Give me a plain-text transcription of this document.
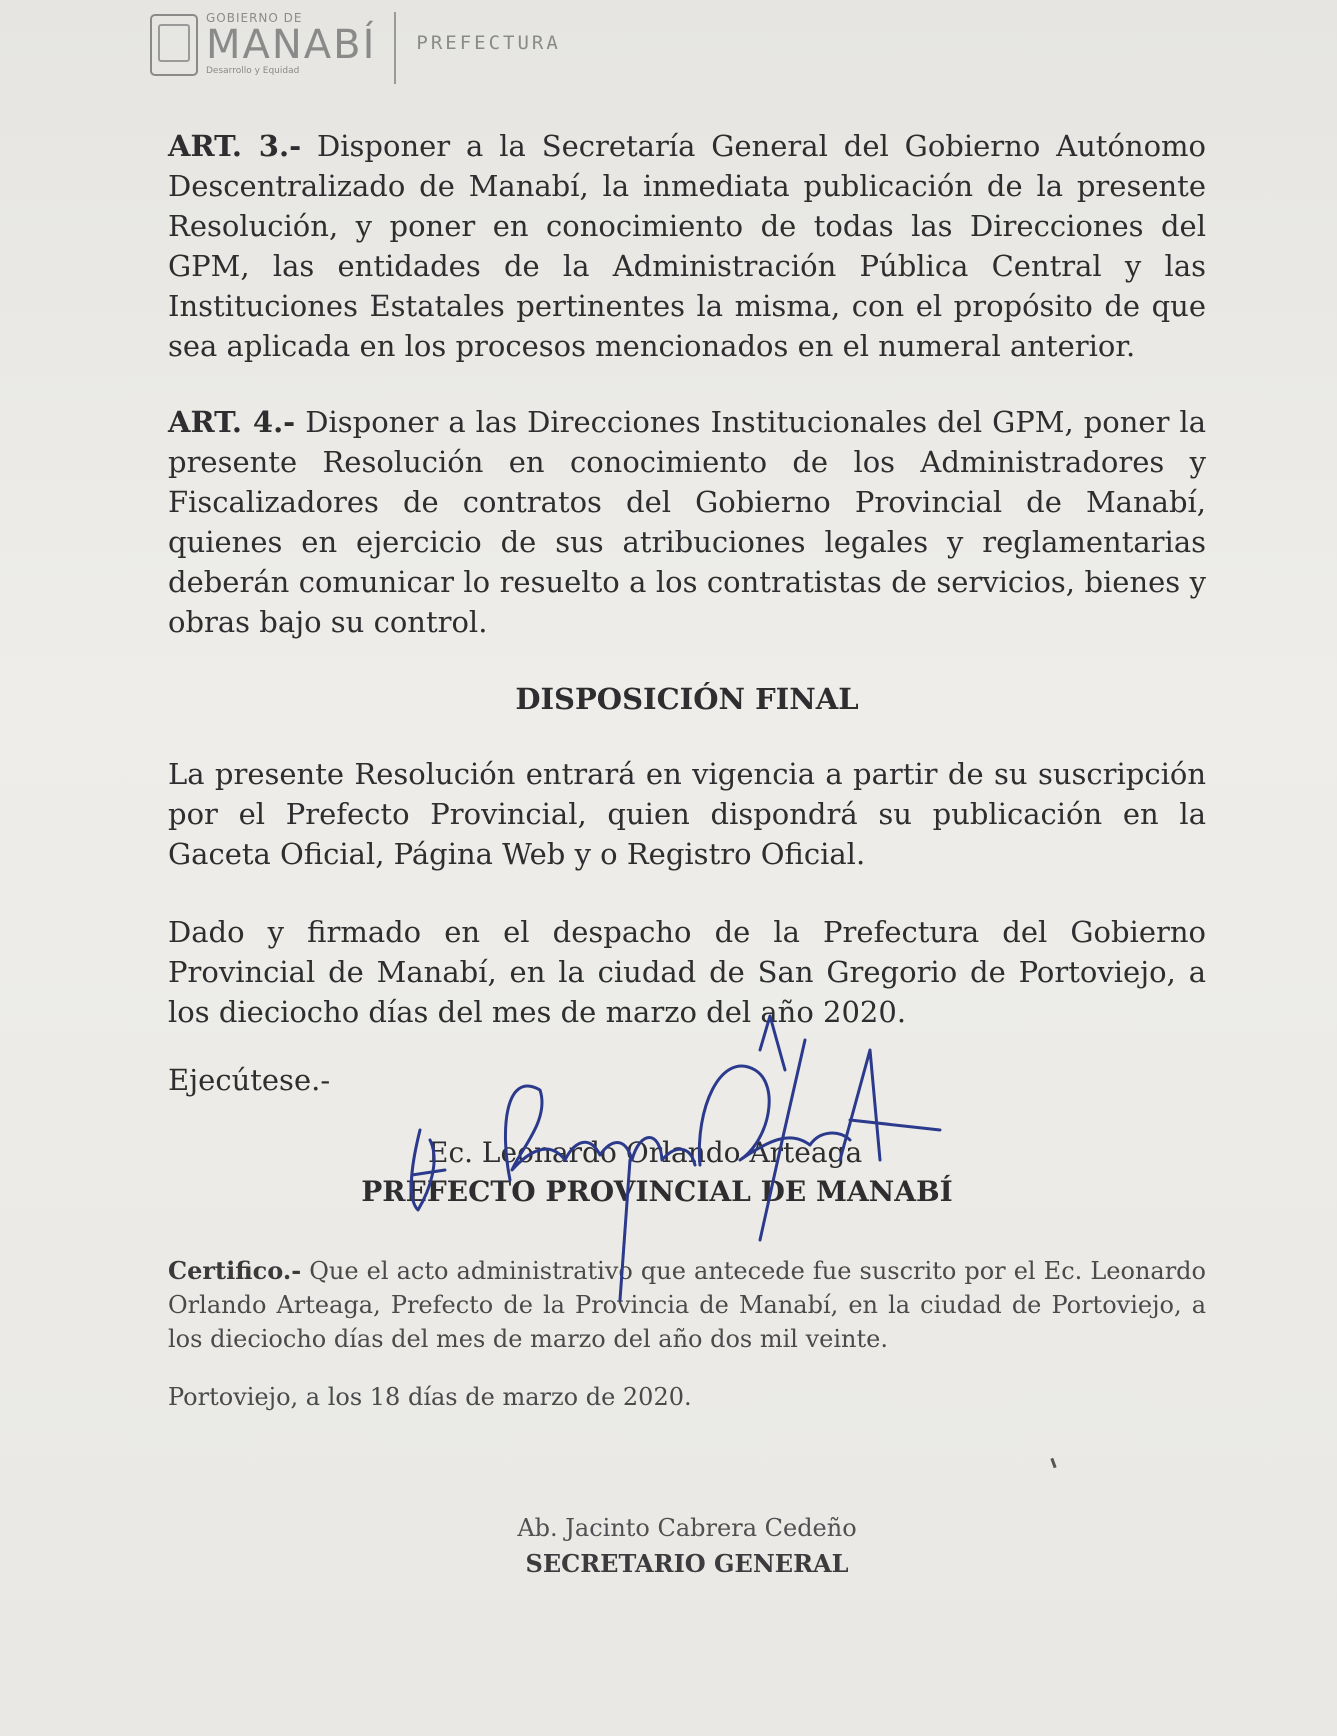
GOBIERNO DE
MANABÍ
Desarrollo y Equidad
PREFECTURA

ART. 3.- Disponer a la Secretaría General del Gobierno Autónomo Descentralizado de Manabí, la inmediata publicación de la presente Resolución, y poner en conocimiento de todas las Direcciones del GPM, las entidades de la Administración Pública Central y las Instituciones Estatales pertinentes la misma, con el propósito de que sea aplicada en los procesos mencionados en el numeral anterior.

ART. 4.- Disponer a las Direcciones Institucionales del GPM, poner la presente Resolución en conocimiento de los Administradores y Fiscalizadores de contratos del Gobierno Provincial de Manabí, quienes en ejercicio de sus atribuciones legales y reglamentarias deberán comunicar lo resuelto a los contratistas de servicios, bienes y obras bajo su control.

DISPOSICIÓN FINAL

La presente Resolución entrará en vigencia a partir de su suscripción por el Prefecto Provincial, quien dispondrá su publicación en la Gaceta Oficial, Página Web y o Registro Oficial.

Dado y firmado en el despacho de la Prefectura del Gobierno Provincial de Manabí, en la ciudad de San Gregorio de Portoviejo, a los dieciocho días del mes de marzo del año 2020.

Ejecútese.-

Ec. Leonardo Orlando Arteaga
PREFECTO PROVINCIAL DE MANABÍ

Certifico.- Que el acto administrativo que antecede fue suscrito por el Ec. Leonardo Orlando Arteaga, Prefecto de la Provincia de Manabí, en la ciudad de Portoviejo, a los dieciocho días del mes de marzo del año dos mil veinte.

Portoviejo, a los 18 días de marzo de 2020.

Ab. Jacinto Cabrera Cedeño
SECRETARIO GENERAL
